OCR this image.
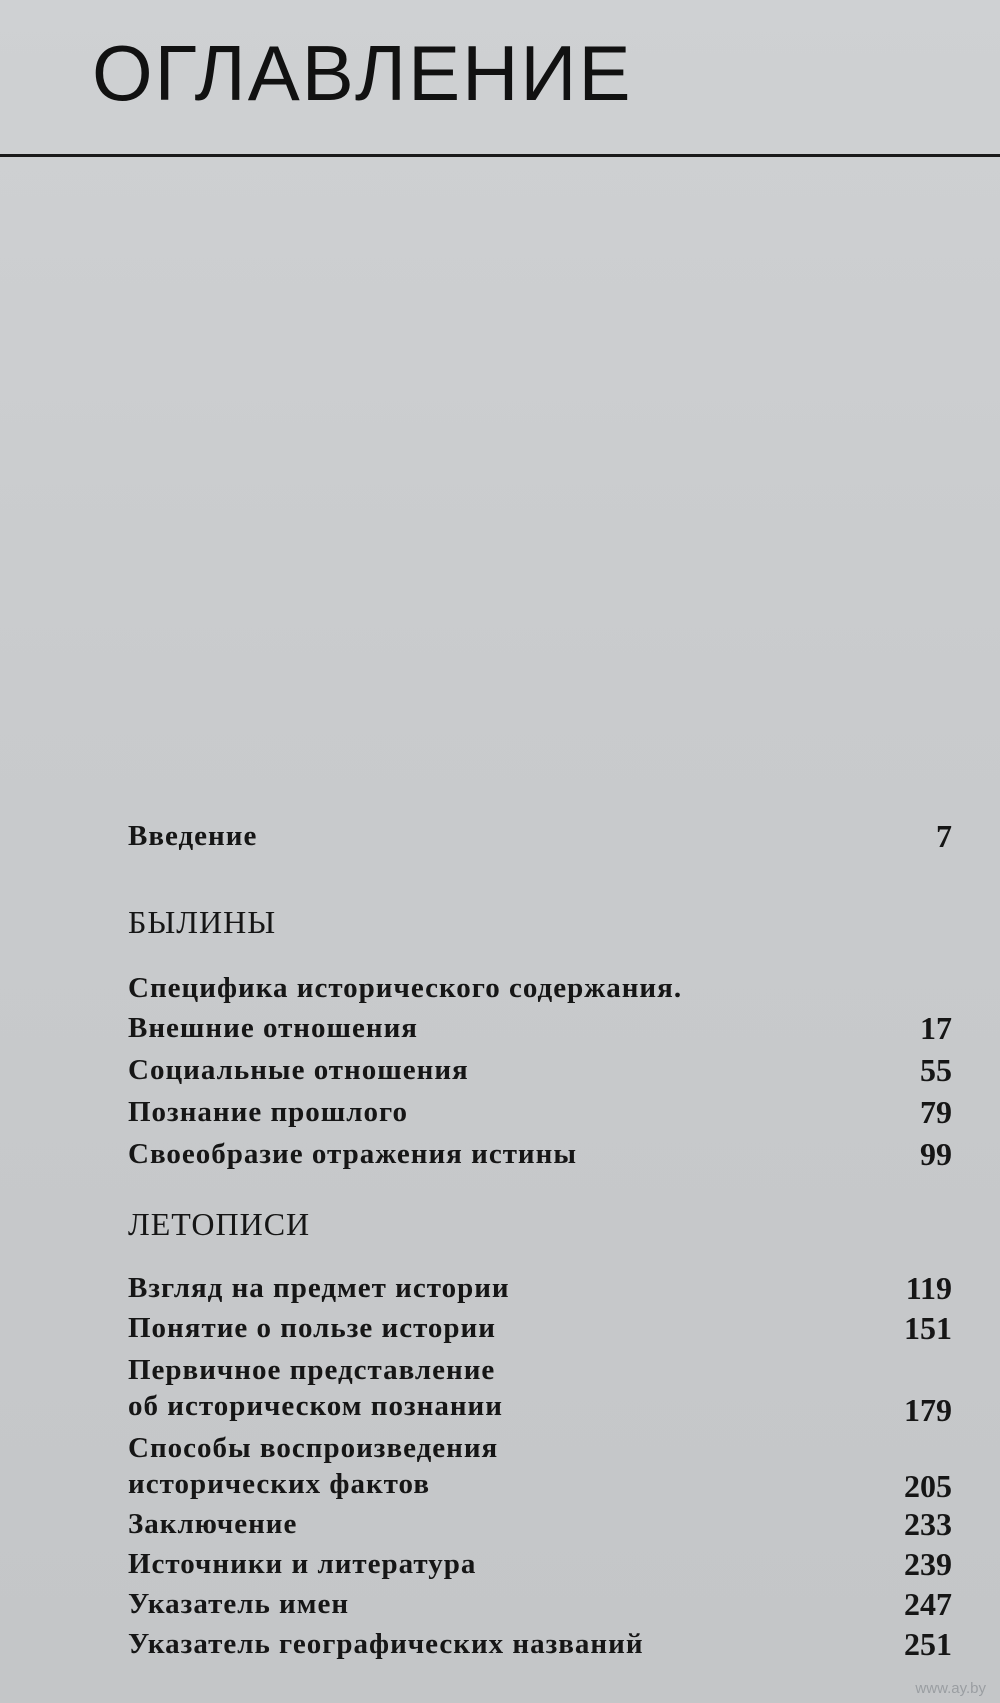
ОГЛАВЛЕНИЕ
Введение	7
БЫЛИНЫ
Специфика исторического содержания.
Внешние отношения	17
Социальные отношения	55
Познание прошлого	79
Своеобразие отражения истины	99
ЛЕТОПИСИ
Взгляд на предмет истории	119
Понятие о пользе истории	151
Первичное представление
об историческом познании	179
Способы воспроизведения
исторических фактов	205
Заключение	233
Источники и литература	239
Указатель имен	247
Указатель географических названий	251
www.ay.by
